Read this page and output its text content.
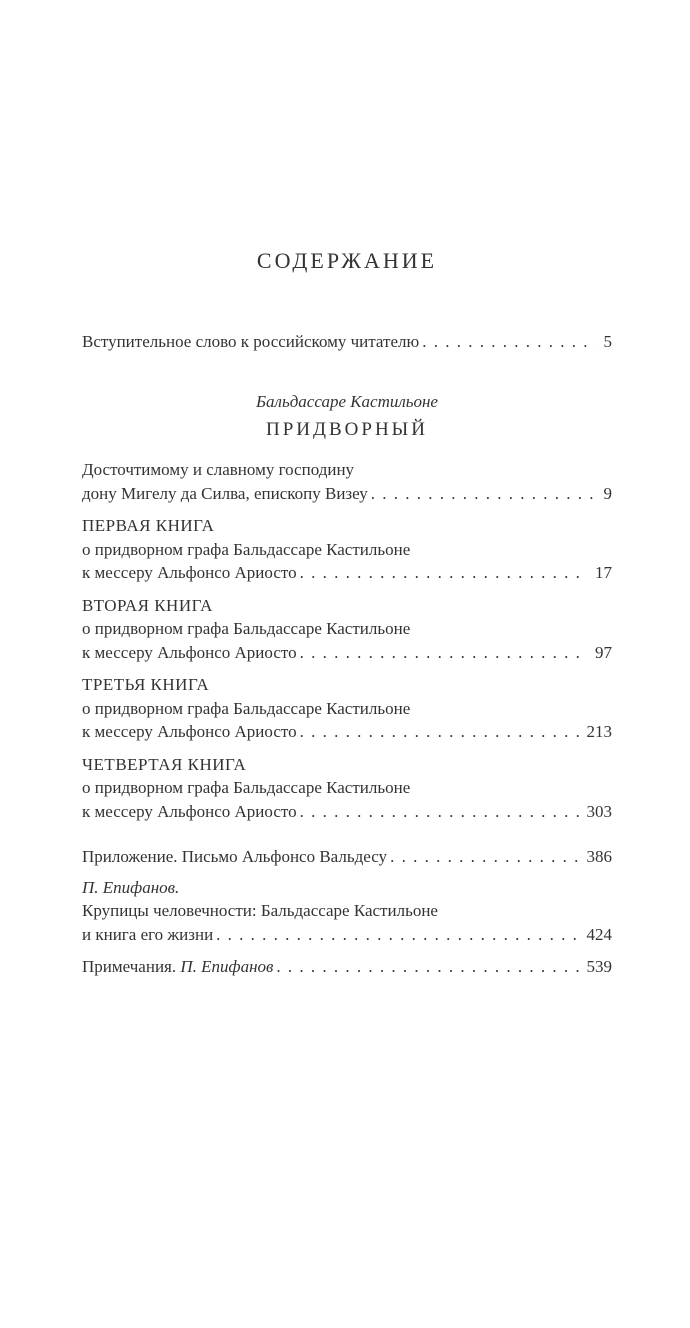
СОДЕРЖАНИЕ
Вступительное слово к российскому читателю . . .	5
Бальдассаре Кастильоне
ПРИДВОРНЫЙ
Досточтимому и славному господину
дону Мигелу да Силва, епископу Визеу . . .	9
ПЕРВАЯ КНИГА
о придворном графа Бальдассаре Кастильоне
к мессеру Альфонсо Ариосто . . .	17
ВТОРАЯ КНИГА
о придворном графа Бальдассаре Кастильоне
к мессеру Альфонсо Ариосто . . .	97
ТРЕТЬЯ КНИГА
о придворном графа Бальдассаре Кастильоне
к мессеру Альфонсо Ариосто . . .	213
ЧЕТВЕРТАЯ КНИГА
о придворном графа Бальдассаре Кастильоне
к мессеру Альфонсо Ариосто . . .	303
Приложение. Письмо Альфонсо Вальдесу . . .	386
П. Епифанов.
Крупицы человечности: Бальдассаре Кастильоне
и книга его жизни . . .	424
Примечания. П. Епифанов . . .	539
